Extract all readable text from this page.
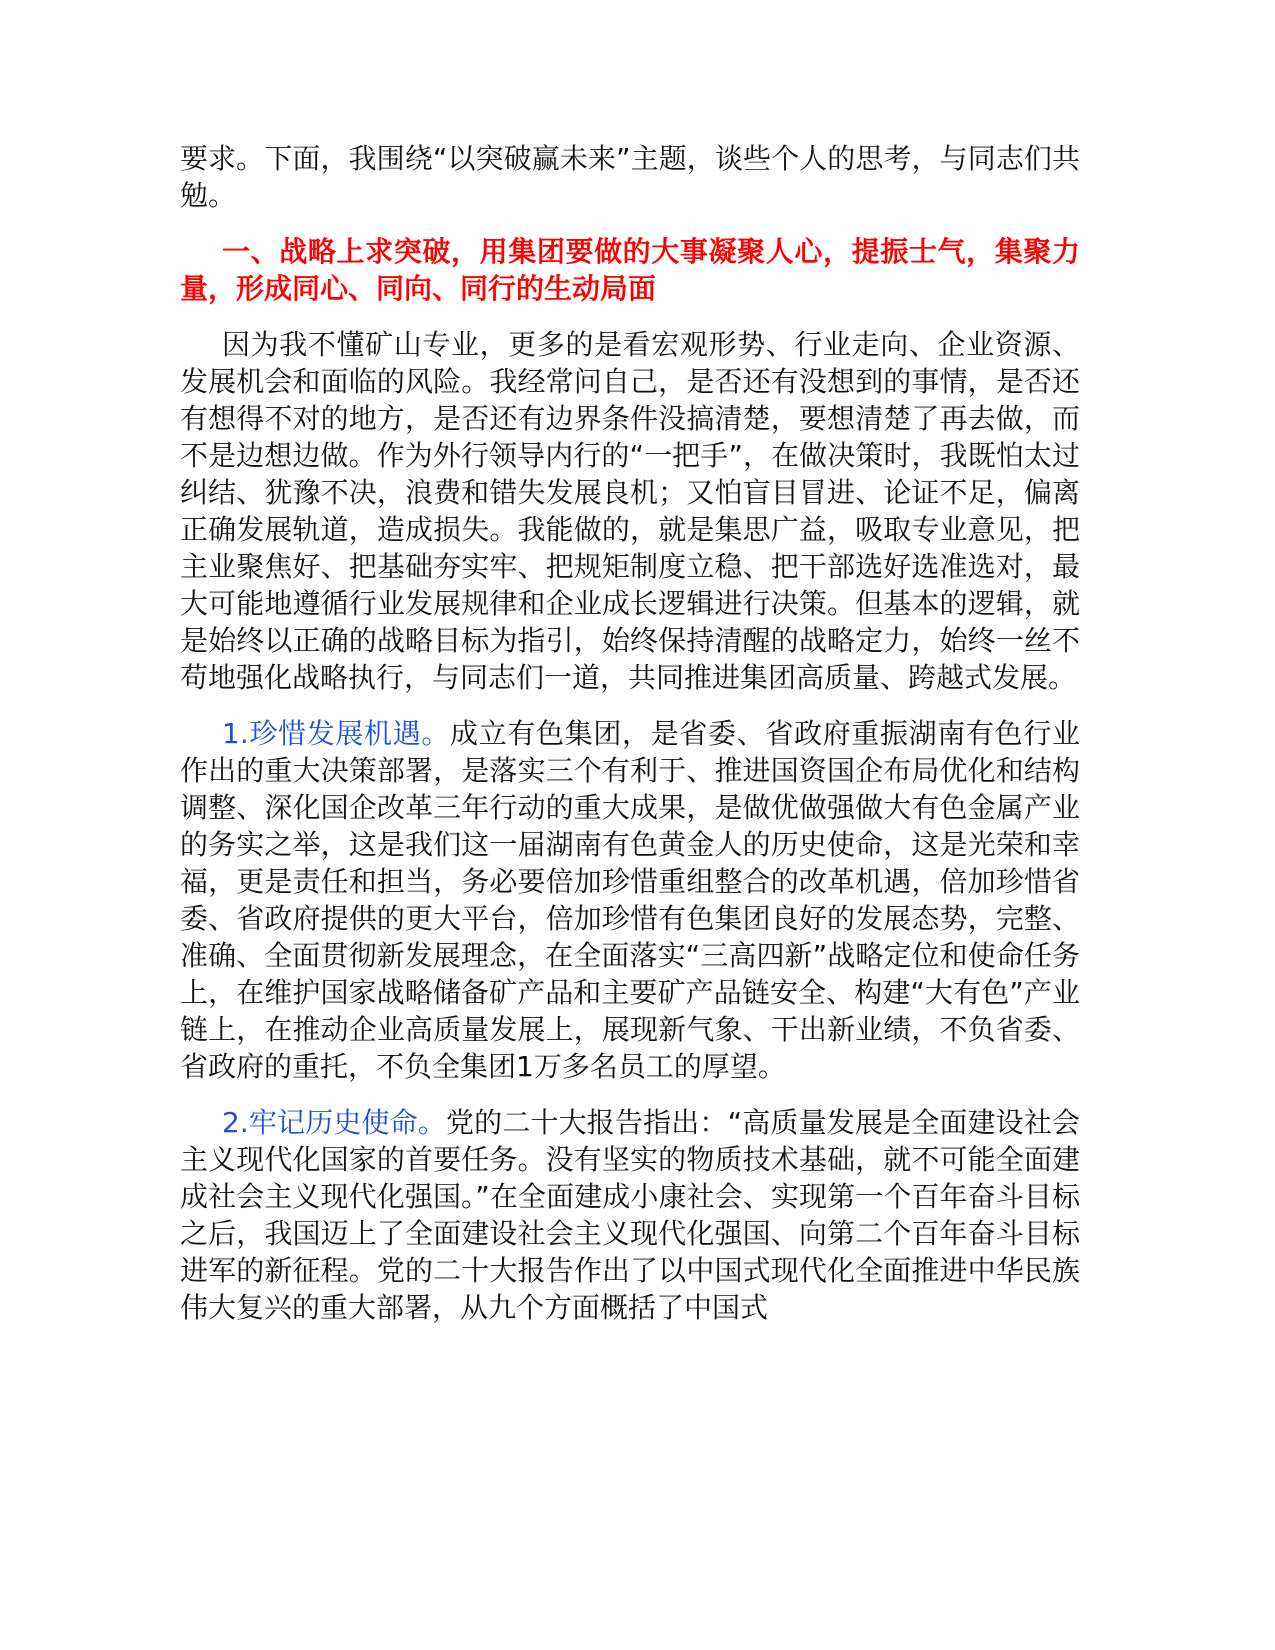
要求。下面，我围绕“以突破赢未来”主题，谈些个人的思考，与同志们共勉。

一、战略上求突破，用集团要做的大事凝聚人心，提振士气，集聚力量，形成同心、同向、同行的生动局面

因为我不懂矿山专业，更多的是看宏观形势、行业走向、企业资源、发展机会和面临的风险。我经常问自己，是否还有没想到的事情，是否还有想得不对的地方，是否还有边界条件没搞清楚，要想清楚了再去做，而不是边想边做。作为外行领导内行的“一把手”，在做决策时，我既怕太过纠结、犹豫不决，浪费和错失发展良机；又怕盲目冒进、论证不足，偏离正确发展轨道，造成损失。我能做的，就是集思广益，吸取专业意见，把主业聚焦好、把基础夯实牢、把规矩制度立稳、把干部选好选准选对，最大可能地遵循行业发展规律和企业成长逻辑进行决策。但基本的逻辑，就是始终以正确的战略目标为指引，始终保持清醒的战略定力，始终一丝不苟地强化战略执行，与同志们一道，共同推进集团高质量、跨越式发展。

1.珍惜发展机遇。成立有色集团，是省委、省政府重振湖南有色行业作出的重大决策部署，是落实三个有利于、推进国资国企布局优化和结构调整、深化国企改革三年行动的重大成果，是做优做强做大有色金属产业的务实之举，这是我们这一届湖南有色黄金人的历史使命，这是光荣和幸福，更是责任和担当，务必要倍加珍惜重组整合的改革机遇，倍加珍惜省委、省政府提供的更大平台，倍加珍惜有色集团良好的发展态势，完整、准确、全面贯彻新发展理念，在全面落实“三高四新”战略定位和使命任务上，在维护国家战略储备矿产品和主要矿产品链安全、构建“大有色”产业链上，在推动企业高质量发展上，展现新气象、干出新业绩，不负省委、省政府的重托，不负全集团1万多名员工的厚望。

2.牢记历史使命。党的二十大报告指出：“高质量发展是全面建设社会主义现代化国家的首要任务。没有坚实的物质技术基础，就不可能全面建成社会主义现代化强国。”在全面建成小康社会、实现第一个百年奋斗目标之后，我国迈上了全面建设社会主义现代化强国、向第二个百年奋斗目标进军的新征程。党的二十大报告作出了以中国式现代化全面推进中华民族伟大复兴的重大部署，从九个方面概括了中国式
